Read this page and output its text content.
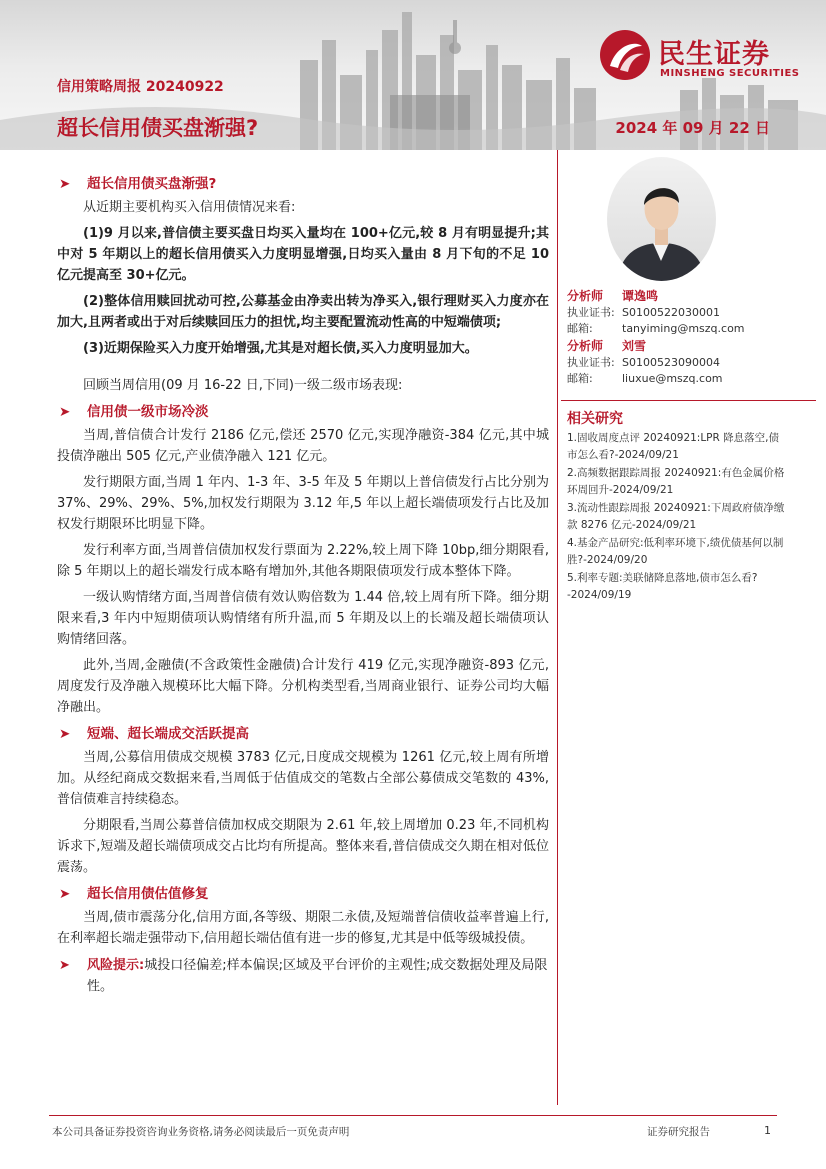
信用策略周报 20240922
超长信用债买盘渐强?	2024 年 09 月 22 日
民生证券
MINSHENG SECURITIES
➤ 超长信用债买盘渐强?

从近期主要机构买入信用债情况来看:

(1)9 月以来,普信债主要买盘日均买入量均在 100+亿元,较 8 月有明显提升;其中对 5 年期以上的超长信用债买入力度明显增强,日均买入量由 8 月下旬的不足 10 亿元提高至 30+亿元。

(2)整体信用赎回扰动可控,公募基金由净卖出转为净买入,银行理财买入力度亦在加大,且两者或出于对后续赎回压力的担忧,均主要配置流动性高的中短端债项;

(3)近期保险买入力度开始增强,尤其是对超长债,买入力度明显加大。

回顾当周信用(09 月 16-22 日,下同)一级二级市场表现:

➤ 信用债一级市场冷淡

当周,普信债合计发行 2186 亿元,偿还 2570 亿元,实现净融资-384 亿元,其中城投债净融出 505 亿元,产业债净融入 121 亿元。

发行期限方面,当周 1 年内、1-3 年、3-5 年及 5 年期以上普信债发行占比分别为 37%、29%、29%、5%,加权发行期限为 3.12 年,5 年以上超长端债项发行占比及加权发行期限环比明显下降。

发行利率方面,当周普信债加权发行票面为 2.22%,较上周下降 10bp,细分期限看,除 5 年期以上的超长端发行成本略有增加外,其他各期限债项发行成本整体下降。

一级认购情绪方面,当周普信债有效认购倍数为 1.44 倍,较上周有所下降。细分期限来看,3 年内中短期债项认购情绪有所升温,而 5 年期及以上的长端及超长端债项认购情绪回落。

此外,当周,金融债(不含政策性金融债)合计发行 419 亿元,实现净融资-893 亿元,周度发行及净融入规模环比大幅下降。分机构类型看,当周商业银行、证券公司均大幅净融出。

➤ 短端、超长端成交活跃提高

当周,公募信用债成交规模 3783 亿元,日度成交规模为 1261 亿元,较上周有所增加。从经纪商成交数据来看,当周低于估值成交的笔数占全部公募债成交笔数的 43%,普信债难言持续稳态。

分期限看,当周公募普信债加权成交期限为 2.61 年,较上周增加 0.23 年,不同机构诉求下,短端及超长端债项成交占比均有所提高。整体来看,普信债成交久期在相对低位震荡。

➤ 超长信用债估值修复

当周,债市震荡分化,信用方面,各等级、期限二永债,及短端普信债收益率普遍上行,在利率超长端走强带动下,信用超长端估值有进一步的修复,尤其是中低等级城投债。

➤ 风险提示:城投口径偏差;样本偏误;区域及平台评价的主观性;成交数据处理及局限性。
分析师 谭逸鸣
执业证书: S0100522030001
邮箱:	tanyiming@mszq.com
分析师 刘雪
执业证书: S0100523090004
邮箱:	liuxue@mszq.com
相关研究
1.固收周度点评 20240921:LPR 降息落空,债市怎么看?-2024/09/21
2.高频数据跟踪周报 20240921:有色金属价格环周回升-2024/09/21
3.流动性跟踪周报 20240921:下周政府债净缴款 8276 亿元-2024/09/21
4.基金产品研究:低利率环境下,绩优债基何以制胜?-2024/09/20
5.利率专题:美联储降息落地,债市怎么看?-2024/09/19
本公司具备证券投资咨询业务资格,请务必阅读最后一页免责声明	证券研究报告	1
